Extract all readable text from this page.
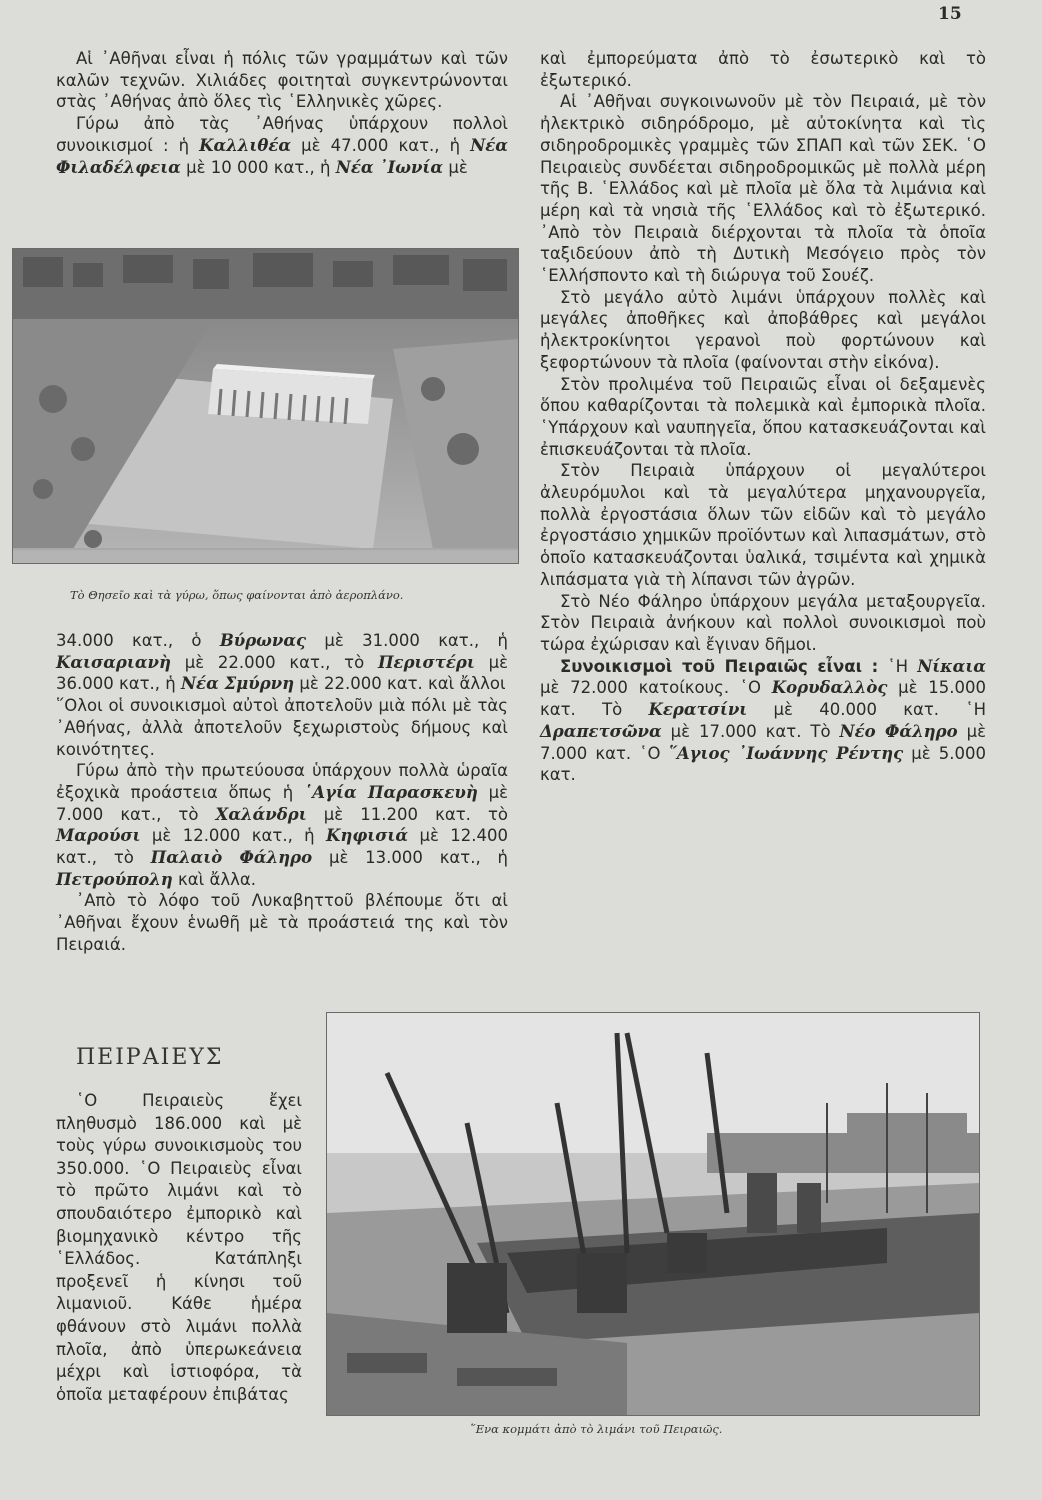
15

Αἱ ᾽Αθῆναι εἶναι ἡ πόλις τῶν γραμμάτων καὶ τῶν καλῶν τεχνῶν. Χιλιάδες φοιτηταὶ συγκεντρώνονται στὰς ᾽Αθήνας ἀπὸ ὅλες τὶς ῾Ελληνικὲς χῶρες.

Γύρω ἀπὸ τὰς ᾽Αθήνας ὑπάρχουν πολλοὶ συνοικισμοί : ἡ Καλλιθέα μὲ 47.000 κατ., ἡ Νέα Φιλαδέλφεια μὲ 10 000 κατ., ἡ Νέα ᾽Ιωνία μὲ

Τὸ Θησεῖο καὶ τὰ γύρω, ὅπως φαίνονται ἀπὸ ἀεροπλάνο.

34.000 κατ., ὁ Βύρωνας μὲ 31.000 κατ., ἡ Καισαριανὴ μὲ 22.000 κατ., τὸ Περιστέρι μὲ 36.000 κατ., ἡ Νέα Σμύρνη μὲ 22.000 κατ. καὶ ἄλλοι

῞Ολοι οἱ συνοικισμοὶ αὐτοὶ ἀποτελοῦν μιὰ πόλι μὲ τὰς ᾽Αθήνας, ἀλλὰ ἀποτελοῦν ξεχωριστοὺς δήμους καὶ κοινότητες.

Γύρω ἀπὸ τὴν πρωτεύουσα ὑπάρχουν πολλὰ ὡραῖα ἐξοχικὰ προάστεια ὅπως ἡ ῾Αγία Παρασκευὴ μὲ 7.000 κατ., τὸ Χαλάνδρι μὲ 11.200 κατ. τὸ Μαρούσι μὲ 12.000 κατ., ἡ Κηφισιά μὲ 12.400 κατ., τὸ Παλαιὸ Φάληρο μὲ 13.000 κατ., ἡ Πετρούπολη καὶ ἄλλα.

᾽Απὸ τὸ λόφο τοῦ Λυκαβηττοῦ βλέπουμε ὅτι αἱ ᾽Αθῆναι ἔχουν ἑνωθῆ μὲ τὰ προάστειά της καὶ τὸν Πειραιά.

ΠΕΙΡΑΙΕΥΣ

῾Ο Πειραιεὺς ἔχει πληθυσμὸ 186.000 καὶ μὲ τοὺς γύρω συνοικισμοὺς του 350.000. ῾Ο Πειραιεὺς εἶναι τὸ πρῶτο λιμάνι καὶ τὸ σπουδαιότερο ἐμπορικὸ καὶ βιομηχανικὸ κέντρο τῆς ῾Ελλάδος. Κατάπληξι προξενεῖ ἡ κίνησι τοῦ λιμανιοῦ. Κάθε ἡμέρα φθάνουν στὸ λιμάνι πολλὰ πλοῖα, ἀπὸ ὑπερωκεάνεια μέχρι καὶ ἱστιοφόρα, τὰ ὁποῖα μεταφέρουν ἐπιβάτας

καὶ ἐμπορεύματα ἀπὸ τὸ ἐσωτερικὸ καὶ τὸ ἐξωτερικό.

Αἱ ᾽Αθῆναι συγκοινωνοῦν μὲ τὸν Πειραιά, μὲ τὸν ἠλεκτρικὸ σιδηρόδρομο, μὲ αὐτοκίνητα καὶ τὶς σιδηροδρομικὲς γραμμὲς τῶν ΣΠΑΠ καὶ τῶν ΣΕΚ. ῾Ο Πειραιεὺς συνδέεται σιδηροδρομικῶς μὲ πολλὰ μέρη τῆς Β. ῾Ελλάδος καὶ μὲ πλοῖα μὲ ὅλα τὰ λιμάνια καὶ μέρη καὶ τὰ νησιὰ τῆς ῾Ελλάδος καὶ τὸ ἐξωτερικό. ᾽Απὸ τὸν Πειραιὰ διέρχονται τὰ πλοῖα τὰ ὁποῖα ταξιδεύουν ἀπὸ τὴ Δυτικὴ Μεσόγειο πρὸς τὸν ῾Ελλήσποντο καὶ τὴ διώρυγα τοῦ Σουέζ.

Στὸ μεγάλο αὐτὸ λιμάνι ὑπάρχουν πολλὲς καὶ μεγάλες ἀποθῆκες καὶ ἀποβάθρες καὶ μεγάλοι ἠλεκτροκίνητοι γερανοὶ ποὺ φορτώνουν καὶ ξεφορτώνουν τὰ πλοῖα (φαίνονται στὴν εἰκόνα).

Στὸν προλιμένα τοῦ Πειραιῶς εἶναι οἱ δεξαμενὲς ὅπου καθαρίζονται τὰ πολεμικὰ καὶ ἐμπορικὰ πλοῖα. ῾Υπάρχουν καὶ ναυπηγεῖα, ὅπου κατασκευάζονται καὶ ἐπισκευάζονται τὰ πλοῖα.

Στὸν Πειραιὰ ὑπάρχουν οἱ μεγαλύτεροι ἀλευρόμυλοι καὶ τὰ μεγαλύτερα μηχανουργεῖα, πολλὰ ἐργοστάσια ὅλων τῶν εἰδῶν καὶ τὸ μεγάλο ἐργοστάσιο χημικῶν προϊόντων καὶ λιπασμάτων, στὸ ὁποῖο κατασκευάζονται ὑαλικά, τσιμέντα καὶ χημικὰ λιπάσματα γιὰ τὴ λίπανσι τῶν ἀγρῶν.

Στὸ Νέο Φάληρο ὑπάρχουν μεγάλα μεταξουργεῖα. Στὸν Πειραιὰ ἀνήκουν καὶ πολλοὶ συνοικισμοὶ ποὺ τώρα ἐχώρισαν καὶ ἔγιναν δῆμοι.

Συνοικισμοὶ τοῦ Πειραιῶς εἶναι : ῾Η Νίκαια μὲ 72.000 κατοίκους. ῾Ο Κορυδαλλὸς μὲ 15.000 κατ. Τὸ Κερατσίνι μὲ 40.000 κατ. ῾Η Δραπετσῶνα μὲ 17.000 κατ. Τὸ Νέο Φάληρο μὲ 7.000 κατ. ῾Ο ῞Αγιος ᾽Ιωάννης Ρέντης μὲ 5.000 κατ.

῞Ενα κομμάτι ἀπὸ τὸ λιμάνι τοῦ Πειραιῶς.
